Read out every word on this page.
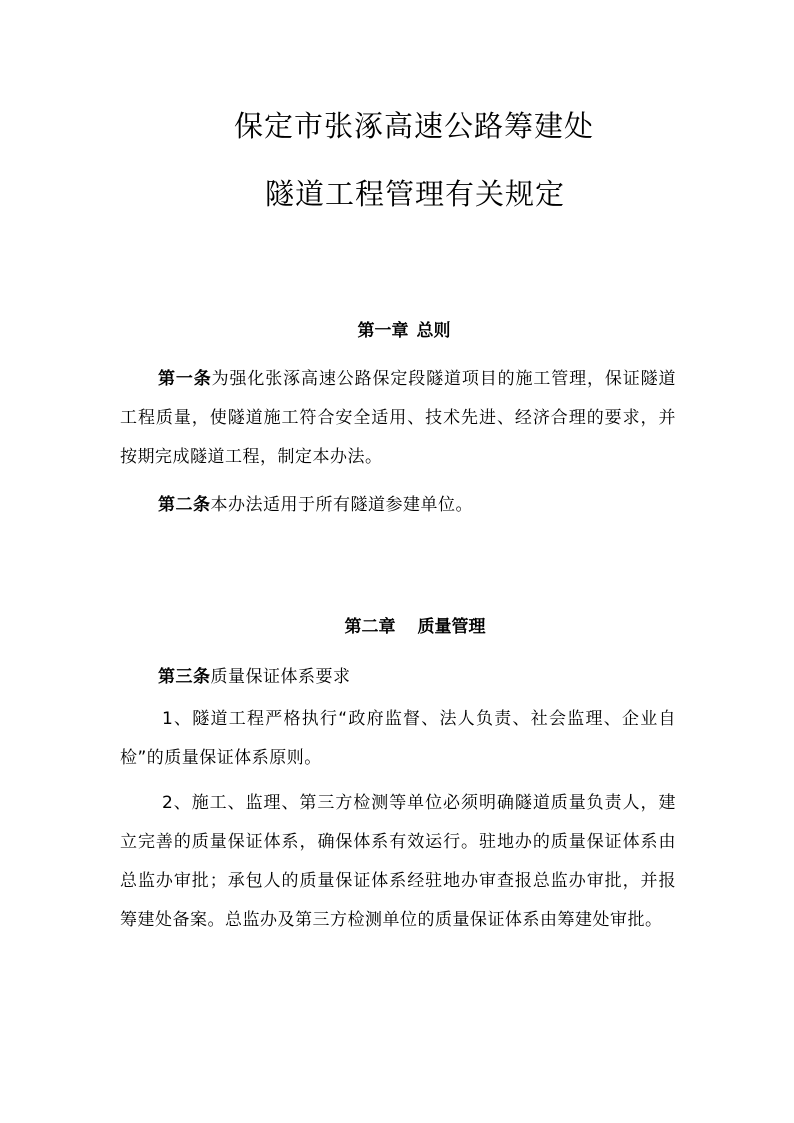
保定市张涿高速公路筹建处
隧道工程管理有关规定
第一章 总则

第一条为强化张涿高速公路保定段隧道项目的施工管理，保证隧道工程质量，使隧道施工符合安全适用、技术先进、经济合理的要求，并按期完成隧道工程，制定本办法。

第二条本办法适用于所有隧道参建单位。

第二章 质量管理

第三条质量保证体系要求

1、隧道工程严格执行“政府监督、法人负责、社会监理、企业自检”的质量保证体系原则。

2、施工、监理、第三方检测等单位必须明确隧道质量负责人，建立完善的质量保证体系，确保体系有效运行。驻地办的质量保证体系由总监办审批；承包人的质量保证体系经驻地办审查报总监办审批，并报筹建处备案。总监办及第三方检测单位的质量保证体系由筹建处审批。
